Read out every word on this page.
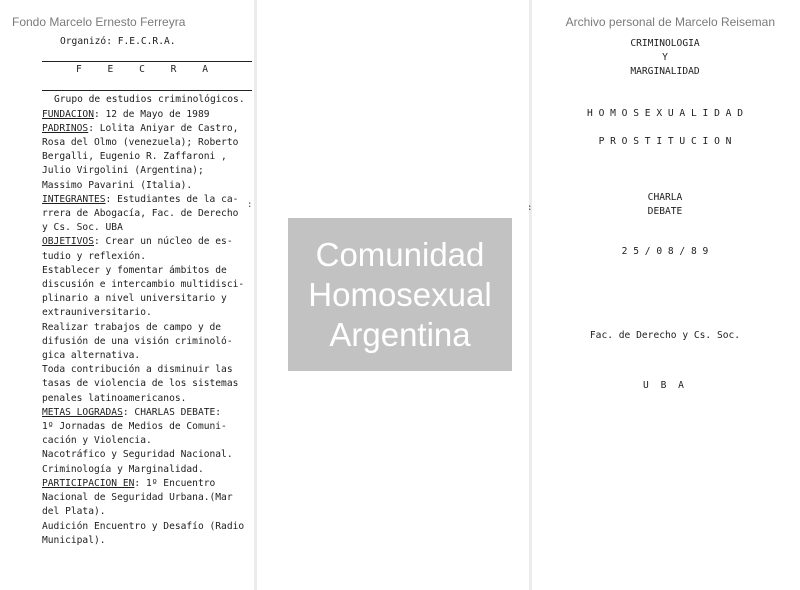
Fondo Marcelo Ernesto Ferreyra	Archivo personal de Marcelo Reiseman
Organizó: F.E.C.R.A.
F E C R A
Grupo de estudios criminológicos.
FUNDACION: 12 de Mayo de 1989
PADRINOS: Lolita Aniyar de Castro,
Rosa del Olmo (venezuela); Roberto
Bergalli, Eugenio R. Zaffaroni ,
Julio Virgolini (Argentina);
Massimo Pavarini (Italia).
INTEGRANTES: Estudiantes de la ca-
rrera de Abogacía, Fac. de Derecho
y Cs. Soc. UBA
OBJETIVOS: Crear un núcleo de es-
tudio y reflexión.
Establecer y fomentar ámbitos de
discusión e intercambio multidisci-
plinario a nivel universitario y
extrauniversitario.
Realizar trabajos de campo y de
difusión de una visión criminoló-
gica alternativa.
Toda contribución a disminuir las
tasas de violencia de los sistemas
penales latinoamericanos.
METAS LOGRADAS: CHARLAS DEBATE:
1º Jornadas de Medios de Comuni-
cación y Violencia.
Nacotráfico y Seguridad Nacional.
Criminología y Marginalidad.
PARTICIPACION EN: 1º Encuentro
Nacional de Seguridad Urbana.(Mar
del Plata).
Audición Encuentro y Desafío (Radio
Municipal).
CRIMINOLOGIA
Y
MARGINALIDAD
H O M O S E X U A L I D A D
P R O S T I T U C I O N
CHARLA
DEBATE
2 5 / 0 8 / 8 9
Fac. de Derecho y Cs. Soc.
U B A
:
:
Comunidad
Homosexual
Argentina
